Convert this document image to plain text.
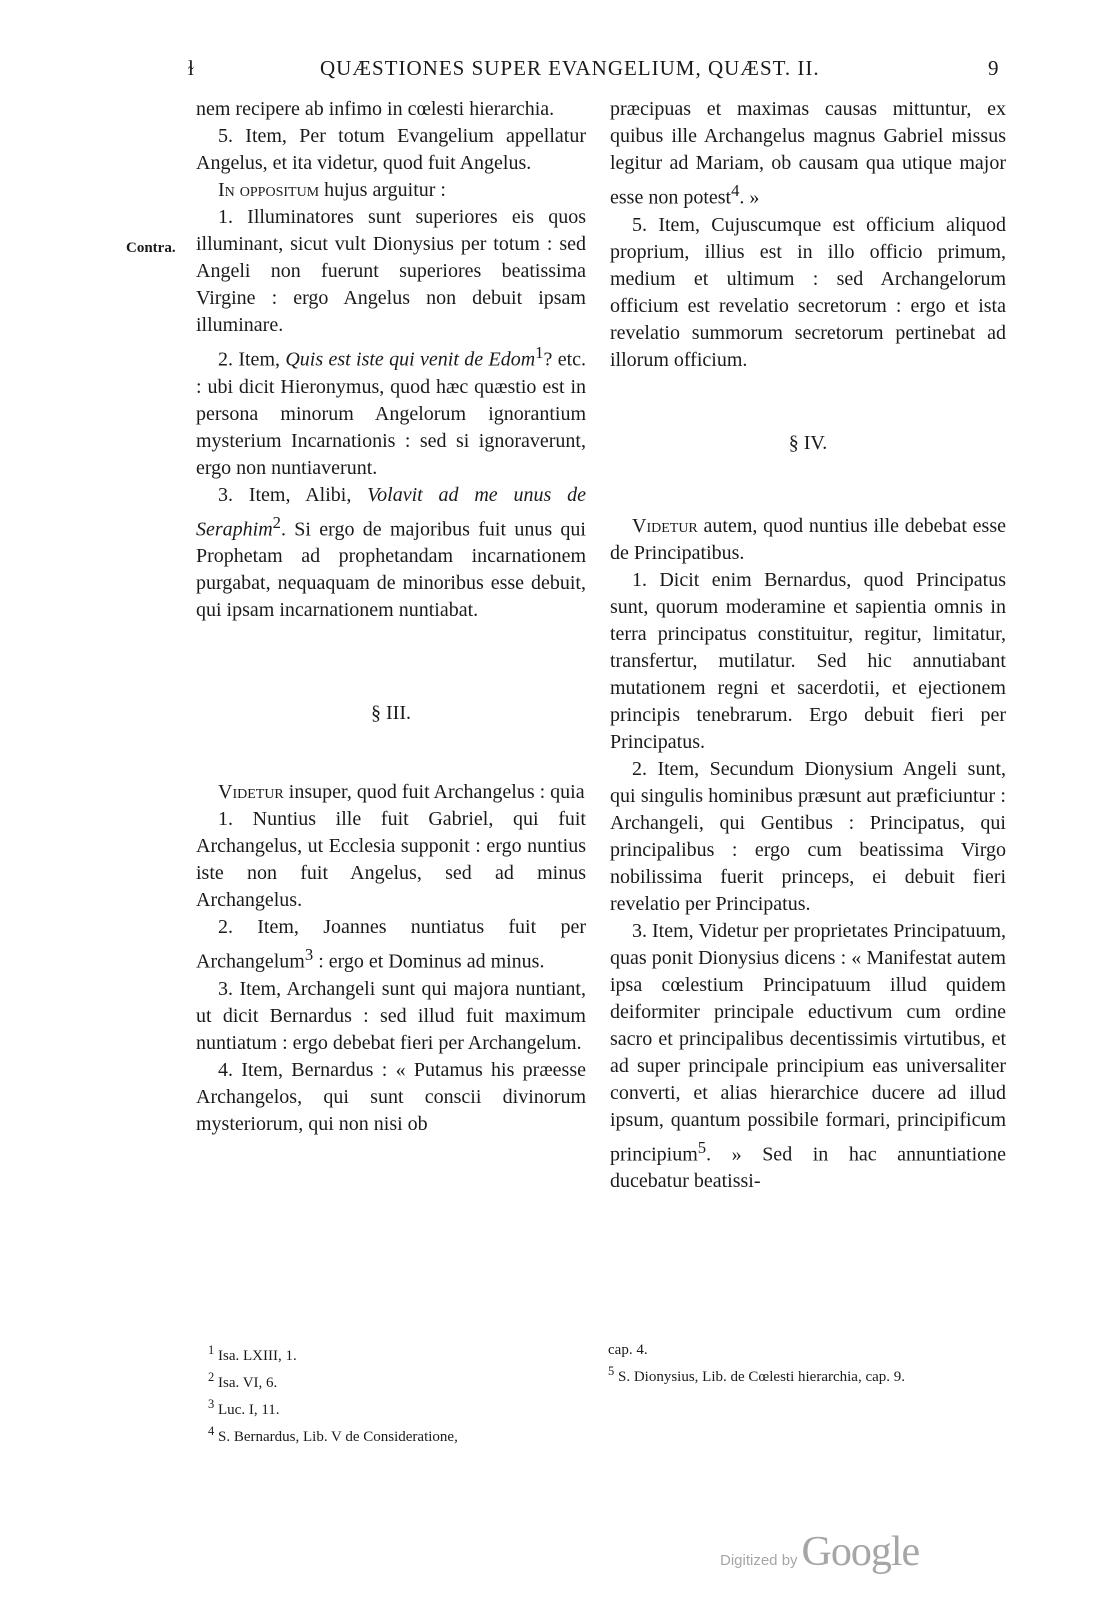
ɫ	QUÆSTIONES SUPER EVANGELIUM, QUÆST. II.	9
Contra.

nem recipere ab infimo in cœlesti hierarchia.

5. Item, Per totum Evangelium appellatur Angelus, et ita videtur, quod fuit Angelus.

In oppositum hujus arguitur :

1. Illuminatores sunt superiores eis quos illuminant, sicut vult Dionysius per totum : sed Angeli non fuerunt superiores beatissima Virgine : ergo Angelus non debuit ipsam illuminare.

2. Item, Quis est iste qui venit de Edom$^1$? etc. : ubi dicit Hieronymus, quod hæc quæstio est in persona minorum Angelorum ignorantium mysterium Incarnationis : sed si ignoraverunt, ergo non nuntiaverunt.

3. Item, Alibi, Volavit ad me unus de Seraphim$^2$. Si ergo de majoribus fuit unus qui Prophetam ad prophetandam incarnationem purgabat, nequaquam de minoribus esse debuit, qui ipsam incarnationem nuntiabat.

§ III.

Videtur insuper, quod fuit Archangelus : quia

1. Nuntius ille fuit Gabriel, qui fuit Archangelus, ut Ecclesia supponit : ergo nuntius iste non fuit Angelus, sed ad minus Archangelus.

2. Item, Joannes nuntiatus fuit per Archangelum$^3$ : ergo et Dominus ad minus.

3. Item, Archangeli sunt qui majora nuntiant, ut dicit Bernardus : sed illud fuit maximum nuntiatum : ergo debebat fieri per Archangelum.

4. Item, Bernardus : « Putamus his præesse Archangelos, qui sunt conscii divinorum mysteriorum, qui non nisi ob

præcipuas et maximas causas mittuntur, ex quibus ille Archangelus magnus Gabriel missus legitur ad Mariam, ob causam qua utique major esse non potest$^4$. »

5. Item, Cujuscumque est officium aliquod proprium, illius est in illo officio primum, medium et ultimum : sed Archangelorum officium est revelatio secretorum : ergo et ista revelatio summorum secretorum pertinebat ad illorum officium.

§ IV.

Videtur autem, quod nuntius ille debebat esse de Principatibus.

1. Dicit enim Bernardus, quod Principatus sunt, quorum moderamine et sapientia omnis in terra principatus constituitur, regitur, limitatur, transfertur, mutilatur. Sed hic annutiabant mutationem regni et sacerdotii, et ejectionem principis tenebrarum. Ergo debuit fieri per Principatus.

2. Item, Secundum Dionysium Angeli sunt, qui singulis hominibus præsunt aut præficiuntur : Archangeli, qui Gentibus : Principatus, qui principalibus : ergo cum beatissima Virgo nobilissima fuerit princeps, ei debuit fieri revelatio per Principatus.

3. Item, Videtur per proprietates Principatuum, quas ponit Dionysius dicens : « Manifestat autem ipsa cœlestium Principatuum illud quidem deiformiter principale eductivum cum ordine sacro et principalibus decentissimis virtutibus, et ad super principale principium eas universaliter converti, et alias hierarchice ducere ad illud ipsum, quantum possibile formari, principificum principium$^5$. » Sed in hac annuntiatione ducebatur beatissi-

$^1$ Isa. LXIII, 1.

$^2$ Isa. VI, 6.

$^3$ Luc. I, 11.

$^4$ S. Bernardus, Lib. V de Consideratione,

cap. 4.

$^5$ S. Dionysius, Lib. de Cœlesti hierarchia, cap. 9.

Digitized by Google
